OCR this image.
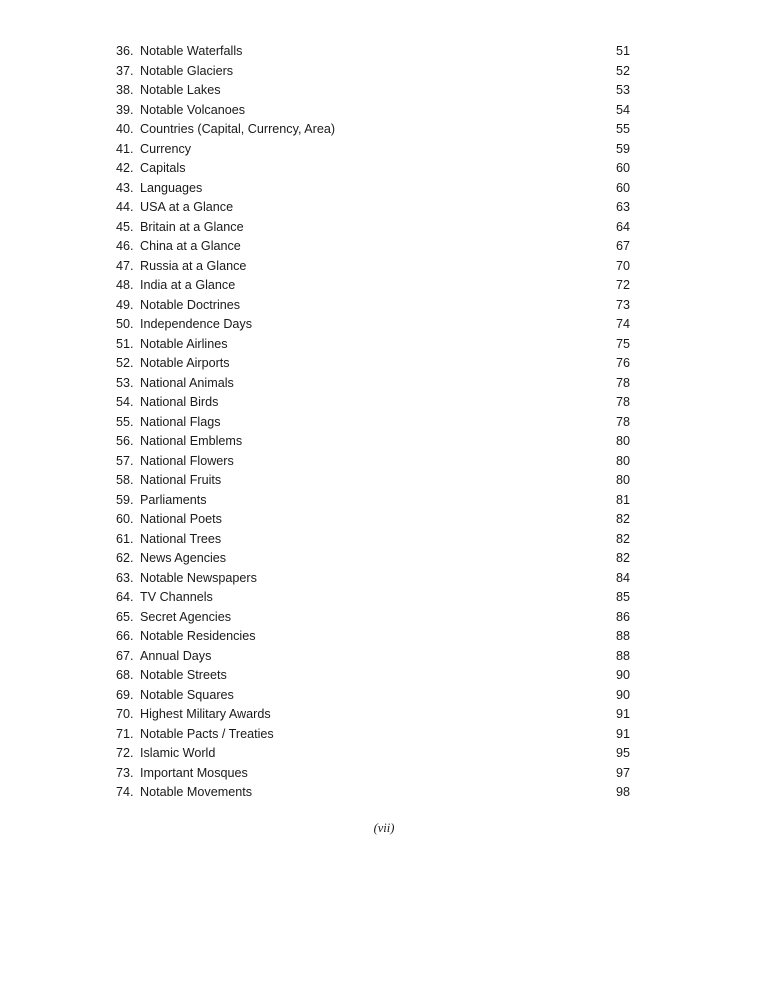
36. Notable Waterfalls	51
37. Notable Glaciers	52
38. Notable Lakes	53
39. Notable Volcanoes	54
40. Countries (Capital, Currency, Area)	55
41. Currency	59
42. Capitals	60
43. Languages	60
44. USA at a Glance	63
45. Britain at a Glance	64
46. China at a Glance	67
47. Russia at a Glance	70
48. India at a Glance	72
49. Notable Doctrines	73
50. Independence Days	74
51. Notable Airlines	75
52. Notable Airports	76
53. National Animals	78
54. National Birds	78
55. National Flags	78
56. National Emblems	80
57. National Flowers	80
58. National Fruits	80
59. Parliaments	81
60. National Poets	82
61. National Trees	82
62. News Agencies	82
63. Notable Newspapers	84
64. TV Channels	85
65. Secret Agencies	86
66. Notable Residencies	88
67. Annual Days	88
68. Notable Streets	90
69. Notable Squares	90
70. Highest Military Awards	91
71. Notable Pacts / Treaties	91
72. Islamic World	95
73. Important Mosques	97
74. Notable Movements	98
(vii)
